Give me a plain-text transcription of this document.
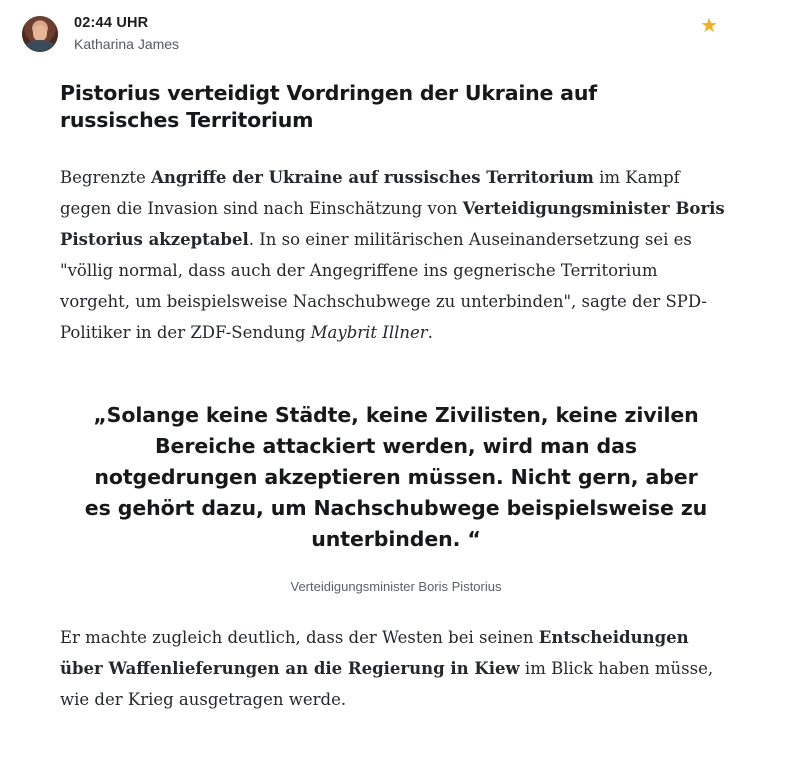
02:44 UHR
Katharina James
★
Pistorius verteidigt Vordringen der Ukraine auf russisches Territorium

Begrenzte Angriffe der Ukraine auf russisches Territorium im Kampf gegen die Invasion sind nach Einschätzung von Verteidigungsminister Boris Pistorius akzeptabel. In so einer militärischen Auseinandersetzung sei es "völlig normal, dass auch der Angegriffene ins gegnerische Territorium vorgeht, um beispielsweise Nachschubwege zu unterbinden", sagte der SPD-Politiker in der ZDF-Sendung Maybrit Illner.

„Solange keine Städte, keine Zivilisten, keine zivilen Bereiche attackiert werden, wird man das notgedrungen akzeptieren müssen. Nicht gern, aber es gehört dazu, um Nachschubwege beispielsweise zu unterbinden. “
Verteidigungsminister Boris Pistorius

Er machte zugleich deutlich, dass der Westen bei seinen Entscheidungen über Waffenlieferungen an die Regierung in Kiew im Blick haben müsse, wie der Krieg ausgetragen werde.
